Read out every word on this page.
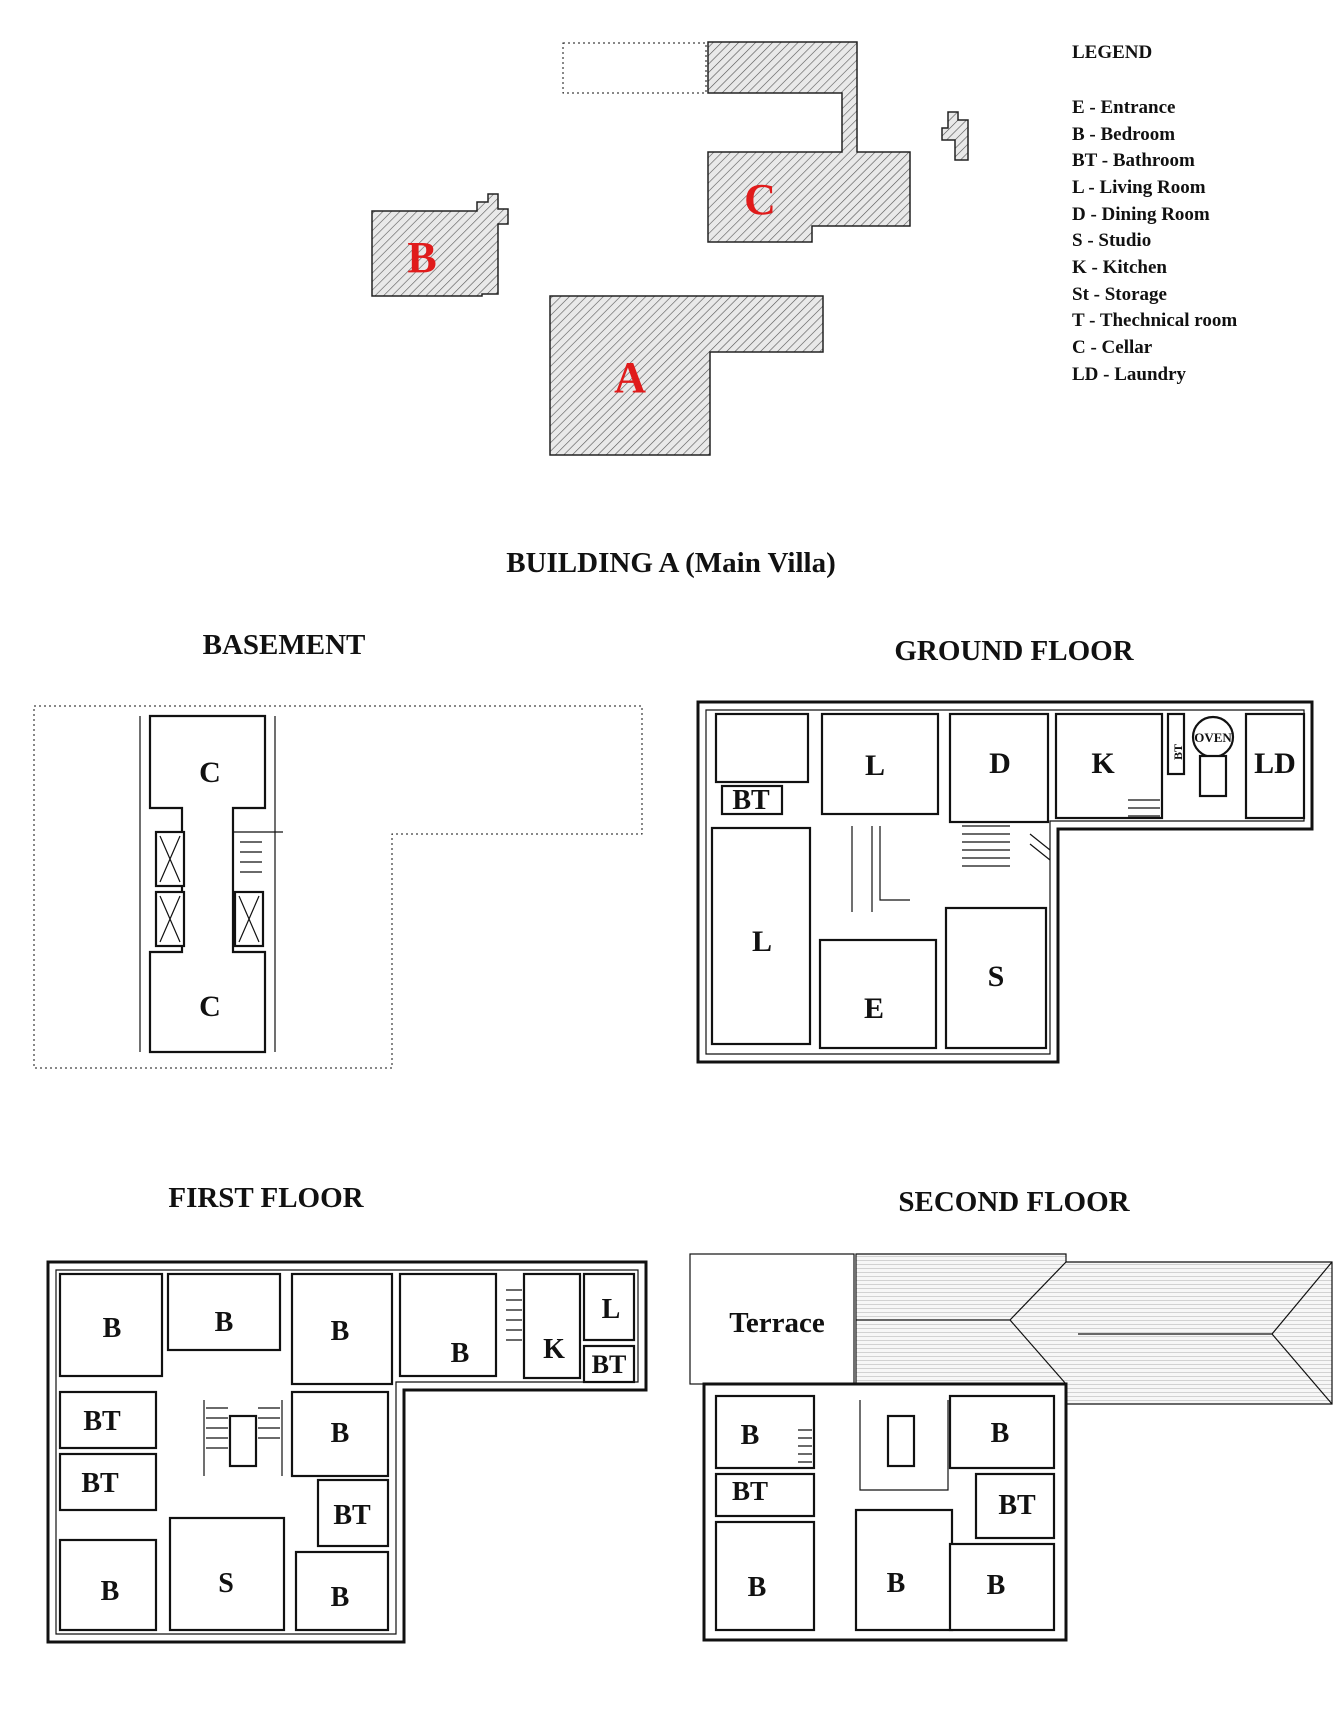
B
C
A
LEGEND
E - Entrance
B - Bedroom
BT - Bathroom
L - Living Room
D - Dining Room
S - Studio
K - Kitchen
St - Storage
T - Thechnical room
C - Cellar
LD - Laundry
BUILDING A (Main Villa)
BASEMENT
C
C
GROUND FLOOR
L	D	K	BT LD
BT
L
E
S
OVEN
FIRST FLOOR
B	B	B
B	K
L
BT
BT
BT
B
BT
B	S	B
SECOND FLOOR
Terrace
B	B
BT	BT
B	B	B
